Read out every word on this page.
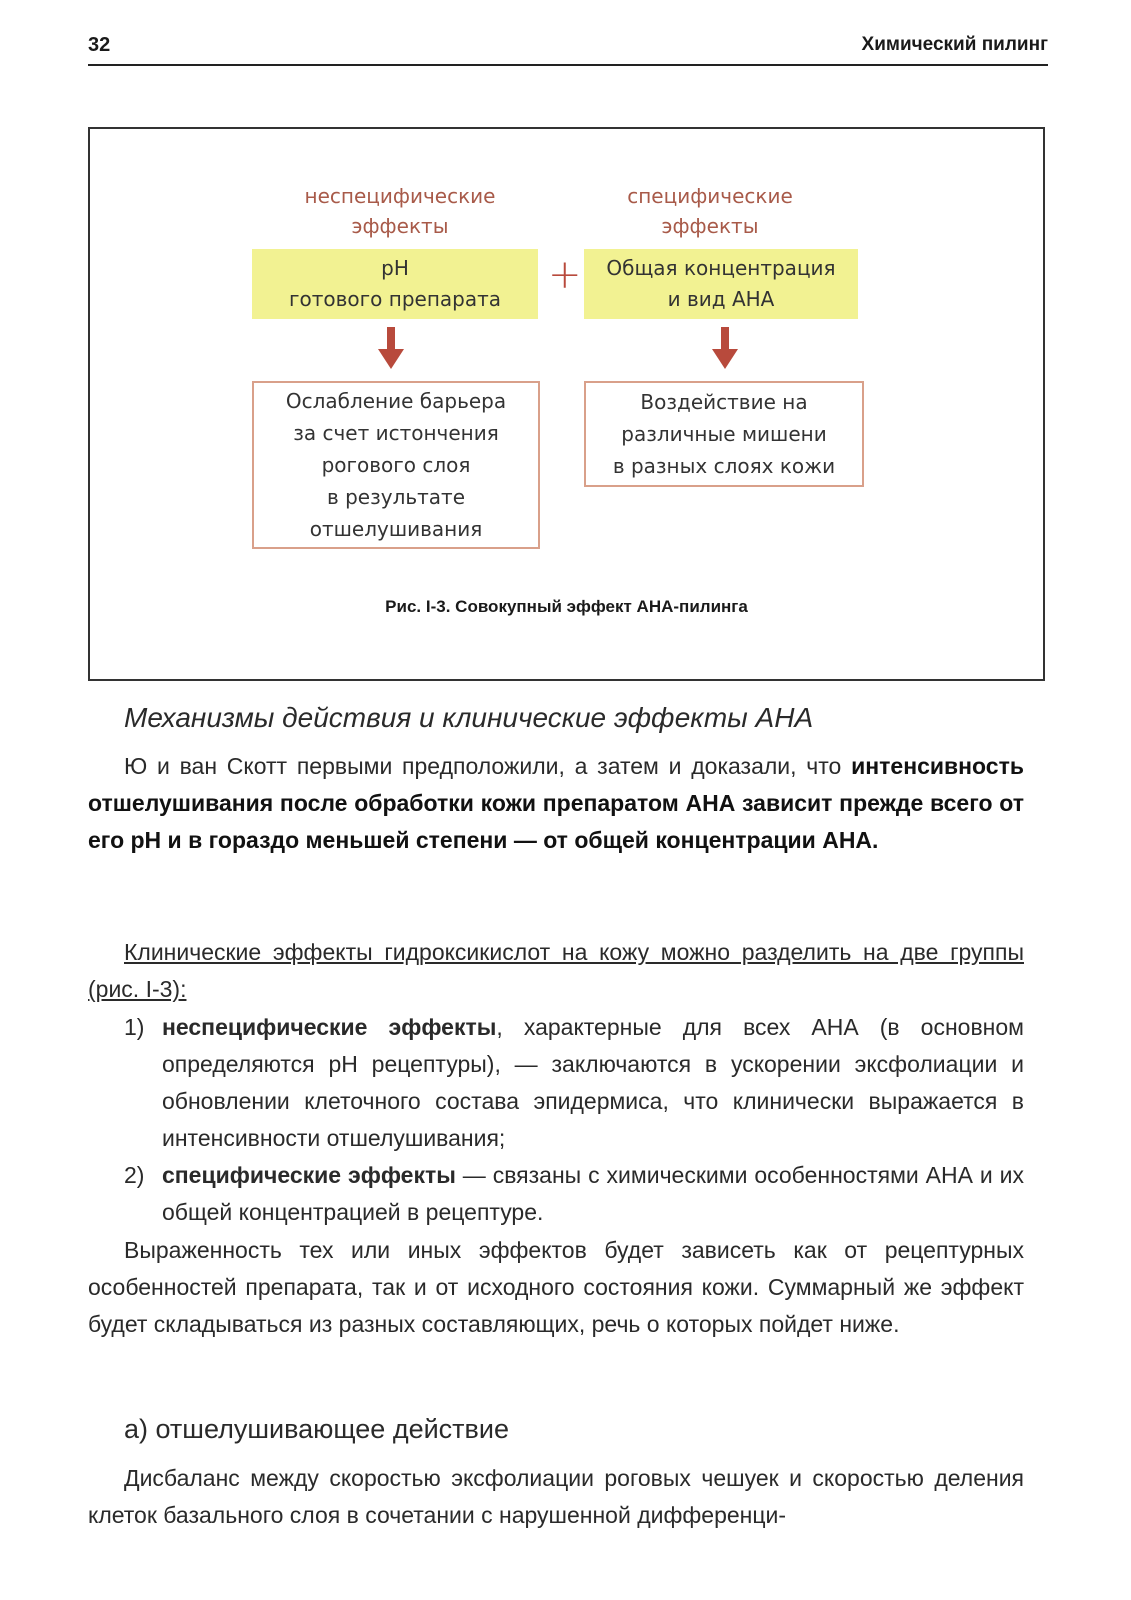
32	Химический пилинг
неспецифические
эффекты
специфические
эффекты
pH
готового препарата
+	Общая концентрация
и вид АНА
Ослабление барьера
за счет истончения
рогового слоя
в результате
отшелушивания
Воздействие на
различные мишени
в разных слоях кожи
Рис. I-3. Совокупный эффект АНА-пилинга
Механизмы действия и клинические эффекты АНА
Ю и ван Скотт первыми предположили, а затем и доказали, что интенсивность отшелушивания после обработки кожи препаратом АНА зависит прежде всего от его pH и в гораздо меньшей степени — от общей концентрации АНА.
Клинические эффекты гидроксикислот на кожу можно разделить на две группы (рис. I-3):
1) неспецифические эффекты, характерные для всех АНА (в основном определяются pH рецептуры), — заключаются в ускорении эксфолиации и обновлении клеточного состава эпидермиса, что клинически выражается в интенсивности отшелушивания;
2) специфические эффекты — связаны с химическими особенностями АНА и их общей концентрацией в рецептуре.
Выраженность тех или иных эффектов будет зависеть как от рецептурных особенностей препарата, так и от исходного состояния кожи. Суммарный же эффект будет складываться из разных составляющих, речь о которых пойдет ниже.
а) отшелушивающее действие
Дисбаланс между скоростью эксфолиации роговых чешуек и скоростью деления клеток базального слоя в сочетании с нарушенной дифференци-
